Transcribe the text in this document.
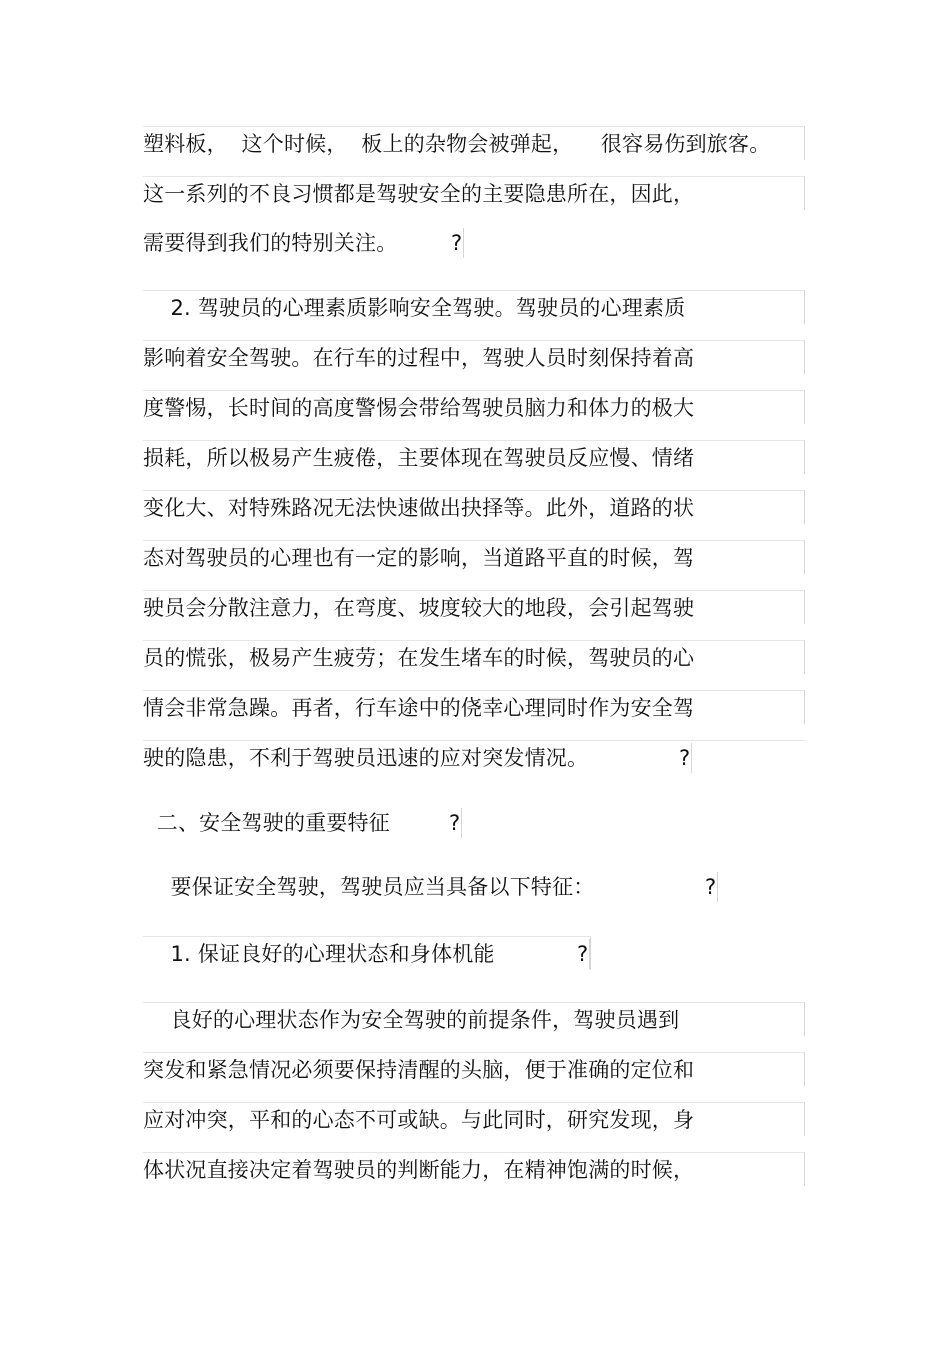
塑料板，  这个时候，  板上的杂物会被弹起，    很容易伤到旅客。
这一系列的不良习惯都是驾驶安全的主要隐患所在，因此，
需要得到我们的特别关注。	?
2. 驾驶员的心理素质影响安全驾驶。驾驶员的心理素质
影响着安全驾驶。在行车的过程中，驾驶人员时刻保持着高
度警惕，长时间的高度警惕会带给驾驶员脑力和体力的极大
损耗，所以极易产生疲倦，主要体现在驾驶员反应慢、情绪
变化大、对特殊路况无法快速做出抉择等。此外，道路的状
态对驾驶员的心理也有一定的影响，当道路平直的时候，驾
驶员会分散注意力，在弯度、坡度较大的地段，会引起驾驶
员的慌张，极易产生疲劳；在发生堵车的时候，驾驶员的心
情会非常急躁。再者，行车途中的侥幸心理同时作为安全驾
驶的隐患，不利于驾驶员迅速的应对突发情况。	?
二、安全驾驶的重要特征	?
要保证安全驾驶，驾驶员应当具备以下特征：	?
1. 保证良好的心理状态和身体机能	?
良好的心理状态作为安全驾驶的前提条件，驾驶员遇到
突发和紧急情况必须要保持清醒的头脑，便于准确的定位和
应对冲突，平和的心态不可或缺。与此同时，研究发现，身
体状况直接决定着驾驶员的判断能力，在精神饱满的时候，
